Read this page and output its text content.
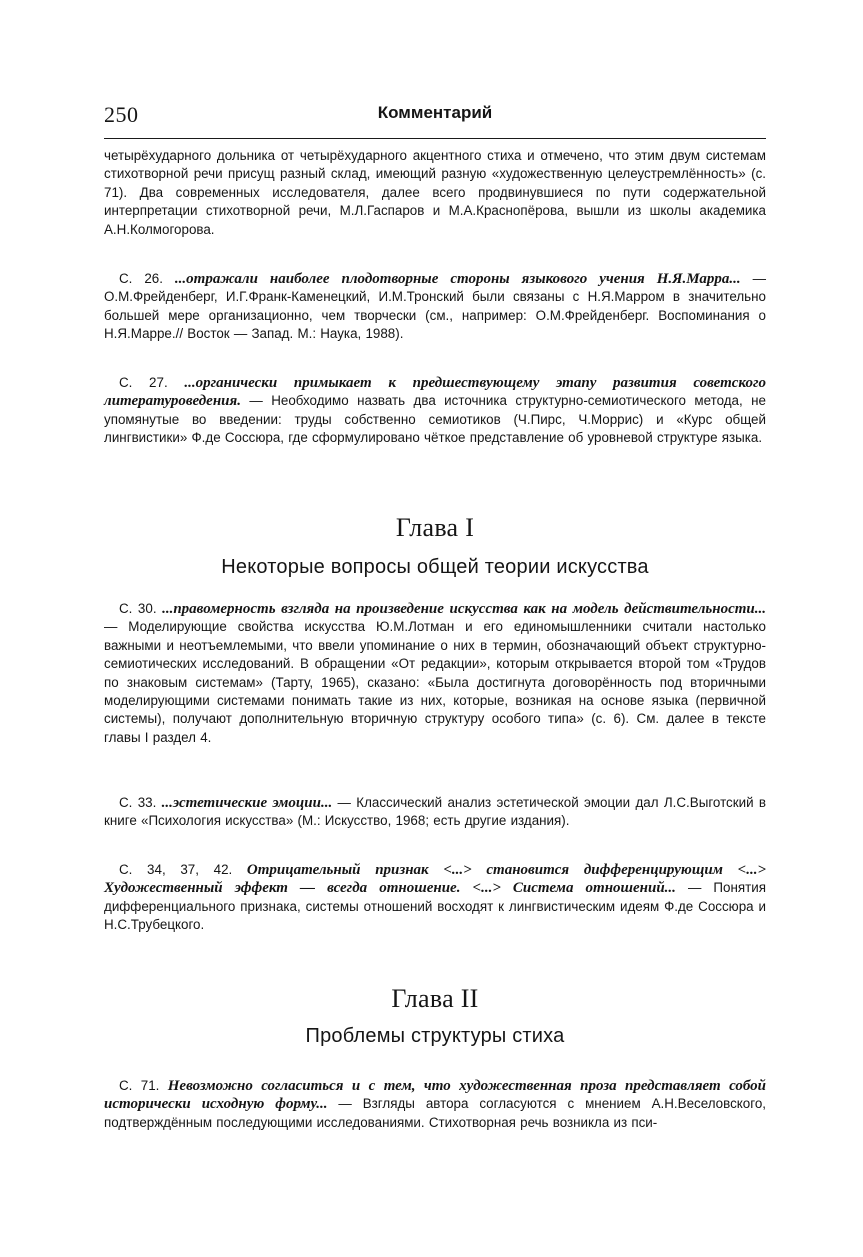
250	Комментарий

четырёхударного дольника от четырёхударного акцентного стиха и отмечено, что этим двум системам стихотворной речи присущ разный склад, имеющий разную «художественную целеустремлённость» (с. 71). Два современных исследователя, далее всего продвинувшиеся по пути содержательной интерпретации стихотворной речи, М.Л.Гаспаров и М.А.Краснопёрова, вышли из школы академика А.Н.Колмогорова.

С. 26. ...отражали наиболее плодотворные стороны языкового учения Н.Я.Марра... — О.М.Фрейденберг, И.Г.Франк-Каменецкий, И.М.Тронский были связаны с Н.Я.Марром в значительно большей мере организационно, чем творчески (см., например: О.М.Фрейденберг. Воспоминания о Н.Я.Марре.// Восток — Запад. М.: Наука, 1988).

С. 27. ...органически примыкает к предшествующему этапу развития советского литературоведения. — Необходимо назвать два источника структурно-семиотического метода, не упомянутые во введении: труды собственно семиотиков (Ч.Пирс, Ч.Моррис) и «Курс общей лингвистики» Ф.де Соссюра, где сформулировано чёткое представление об уровневой структуре языка.

Глава I
Некоторые вопросы общей теории искусства

С. 30. ...правомерность взгляда на произведение искусства как на модель действительности... — Моделирующие свойства искусства Ю.М.Лотман и его единомышленники считали настолько важными и неотъемлемыми, что ввели упоминание о них в термин, обозначающий объект структурно-семиотических исследований. В обращении «От редакции», которым открывается второй том «Трудов по знаковым системам» (Тарту, 1965), сказано: «Была достигнута договорённость под вторичными моделирующими системами понимать такие из них, которые, возникая на основе языка (первичной системы), получают дополнительную вторичную структуру особого типа» (с. 6). См. далее в тексте главы I раздел 4.

С. 33. ...эстетические эмоции... — Классический анализ эстетической эмоции дал Л.С.Выготский в книге «Психология искусства» (М.: Искусство, 1968; есть другие издания).

С. 34, 37, 42. Отрицательный признак <...> становится дифференцирующим <...> Художественный эффект — всегда отношение. <...> Система отношений... — Понятия дифференциального признака, системы отношений восходят к лингвистическим идеям Ф.де Соссюра и Н.С.Трубецкого.

Глава II
Проблемы структуры стиха

С. 71. Невозможно согласиться и с тем, что художественная проза представляет собой исторически исходную форму... — Взгляды автора согласуются с мнением А.Н.Веселовского, подтверждённым последующими исследованиями. Стихотворная речь возникла из пси-
